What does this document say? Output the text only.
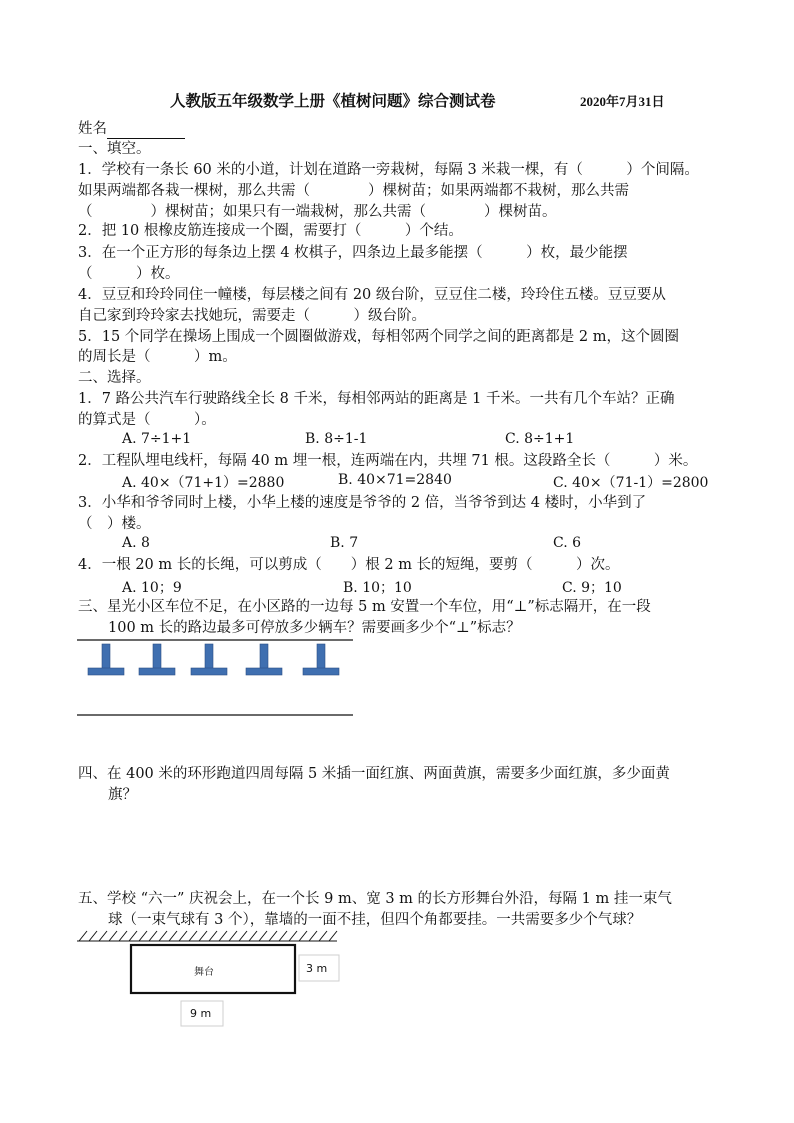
人教版五年级数学上册《植树问题》综合测试卷	2020年7月31日
姓名
一、填空。
1．学校有一条长 60 米的小道，计划在道路一旁栽树，每隔 3 米栽一棵，有（　　　）个间隔。
如果两端都各栽一棵树，那么共需（　　　　）棵树苗；如果两端都不栽树，那么共需
（　　　　）棵树苗；如果只有一端栽树，那么共需（　　　　）棵树苗。
2．把 10 根橡皮筋连接成一个圈，需要打（　　　）个结。
3．在一个正方形的每条边上摆 4 枚棋子，四条边上最多能摆（　　　）枚，最少能摆
（　　　）枚。
4．豆豆和玲玲同住一幢楼，每层楼之间有 20 级台阶，豆豆住二楼，玲玲住五楼。豆豆要从
自己家到玲玲家去找她玩，需要走（　　　）级台阶。
5．15 个同学在操场上围成一个圆圈做游戏，每相邻两个同学之间的距离都是 2 m，这个圆圈
的周长是（　　　）m。
二、选择。
1．7 路公共汽车行驶路线全长 8 千米，每相邻两站的距离是 1 千米。一共有几个车站？正确
的算式是（　　　）。
A. 7÷1+1	B. 8÷1-1	C. 8÷1+1
2．工程队埋电线杆，每隔 40 m 埋一根，连两端在内，共埋 71 根。这段路全长（　　　）米。
A. 40×（71+1）=2880	B. 40×71=2840	C. 40×（71-1）=2800
3．小华和爷爷同时上楼，小华上楼的速度是爷爷的 2 倍，当爷爷到达 4 楼时，小华到了
（　）楼。
A. 8	B. 7	C. 6
4．一根 20 m 长的长绳，可以剪成（　　）根 2 m 长的短绳，要剪（　　　）次。
A. 10；9	B. 10；10	C. 9；10
三、星光小区车位不足，在小区路的一边每 5 m 安置一个车位，用“⊥”标志隔开，在一段
100 m 长的路边最多可停放多少辆车？需要画多少个“⊥”标志？
四、在 400 米的环形跑道四周每隔 5 米插一面红旗、两面黄旗，需要多少面红旗，多少面黄
旗？
五、学校 “六一” 庆祝会上，在一个长 9 m、宽 3 m 的长方形舞台外沿，每隔 1 m 挂一束气
球（一束气球有 3 个），靠墙的一面不挂，但四个角都要挂。一共需要多少个气球？
舞台	3 m
9 m
